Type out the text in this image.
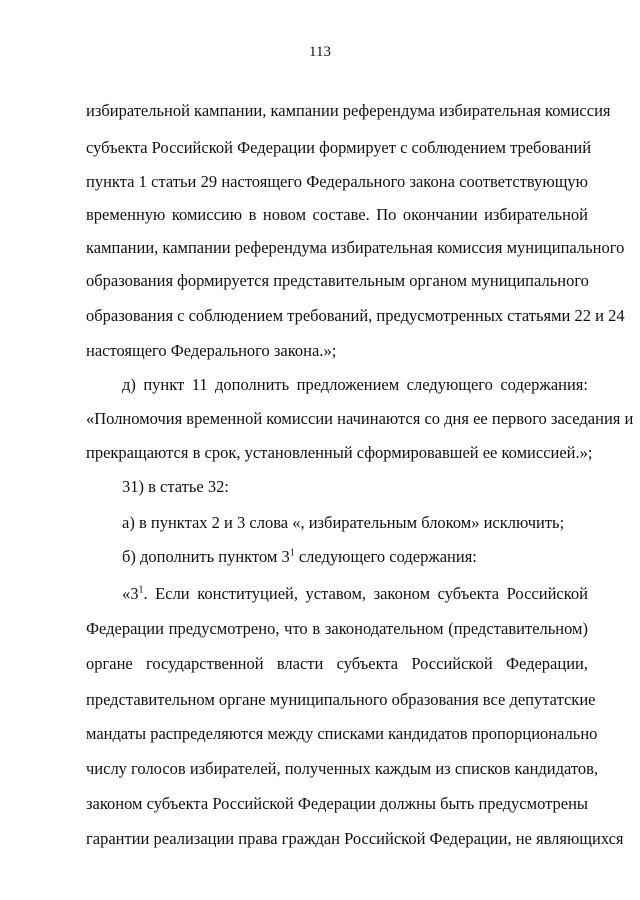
113
избирательной кампании, кампании референдума избирательная комиссия
субъекта Российской Федерации формирует с соблюдением требований
пункта 1 статьи 29 настоящего Федерального закона соответствующую
временную комиссию в новом составе. По окончании избирательной
кампании, кампании референдума избирательная комиссия муниципального
образования формируется представительным органом муниципального
образования с соблюдением требований, предусмотренных статьями 22 и 24
настоящего Федерального закона.»;
д) пункт 11 дополнить предложением следующего содержания:
«Полномочия временной комиссии начинаются со дня ее первого заседания и
прекращаются в срок, установленный сформировавшей ее комиссией.»;
31) в статье 32:
а) в пунктах 2 и 3 слова «, избирательным блоком» исключить;
б) дополнить пунктом $3^1$ следующего содержания:
«$3^1$. Если конституцией, уставом, законом субъекта Российской
Федерации предусмотрено, что в законодательном (представительном)
органе государственной власти субъекта Российской Федерации,
представительном органе муниципального образования все депутатские
мандаты распределяются между списками кандидатов пропорционально
числу голосов избирателей, полученных каждым из списков кандидатов,
законом субъекта Российской Федерации должны быть предусмотрены
гарантии реализации права граждан Российской Федерации, не являющихся
